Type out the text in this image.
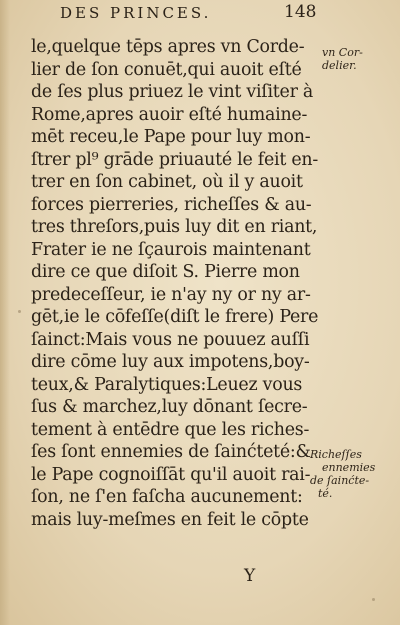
DES PRINCES.	148
le,quelque tēps apres vn Corde-
lier de ſon conuēt,qui auoit eſté
de ſes plus priuez le vint viſiter à
Rome,apres auoir eſté humaine-
mēt receu,le Pape pour luy mon-
ſtrer pl⁹ grāde priuauté le feit en-
trer en ſon cabinet, où il y auoit
forces pierreries, richeſſes & au-
tres threſors,puis luy dit en riant,
Frater ie ne ſçaurois maintenant
dire ce que diſoit S. Pierre mon
predeceſſeur, ie n'ay ny or ny ar-
gēt,ie le cōfeſſe(diſt le frere) Pere
ſainct:Mais vous ne pouuez auſſi
dire cōme luy aux impotens,boy-
teux,& Paralytiques:Leuez vous
ſus & marchez,luy dōnant ſecre-
tement à entēdre que les riches-
ſes ſont ennemies de ſainćteté:&
le Pape cognoiſſāt qu'il auoit rai-
ſon, ne ſ'en faſcha aucunement:
mais luy-meſmes en feit le cōpte
vn Cor-
delier.
Richeſſes
ennemies
de ſainćte-
té.
Y
